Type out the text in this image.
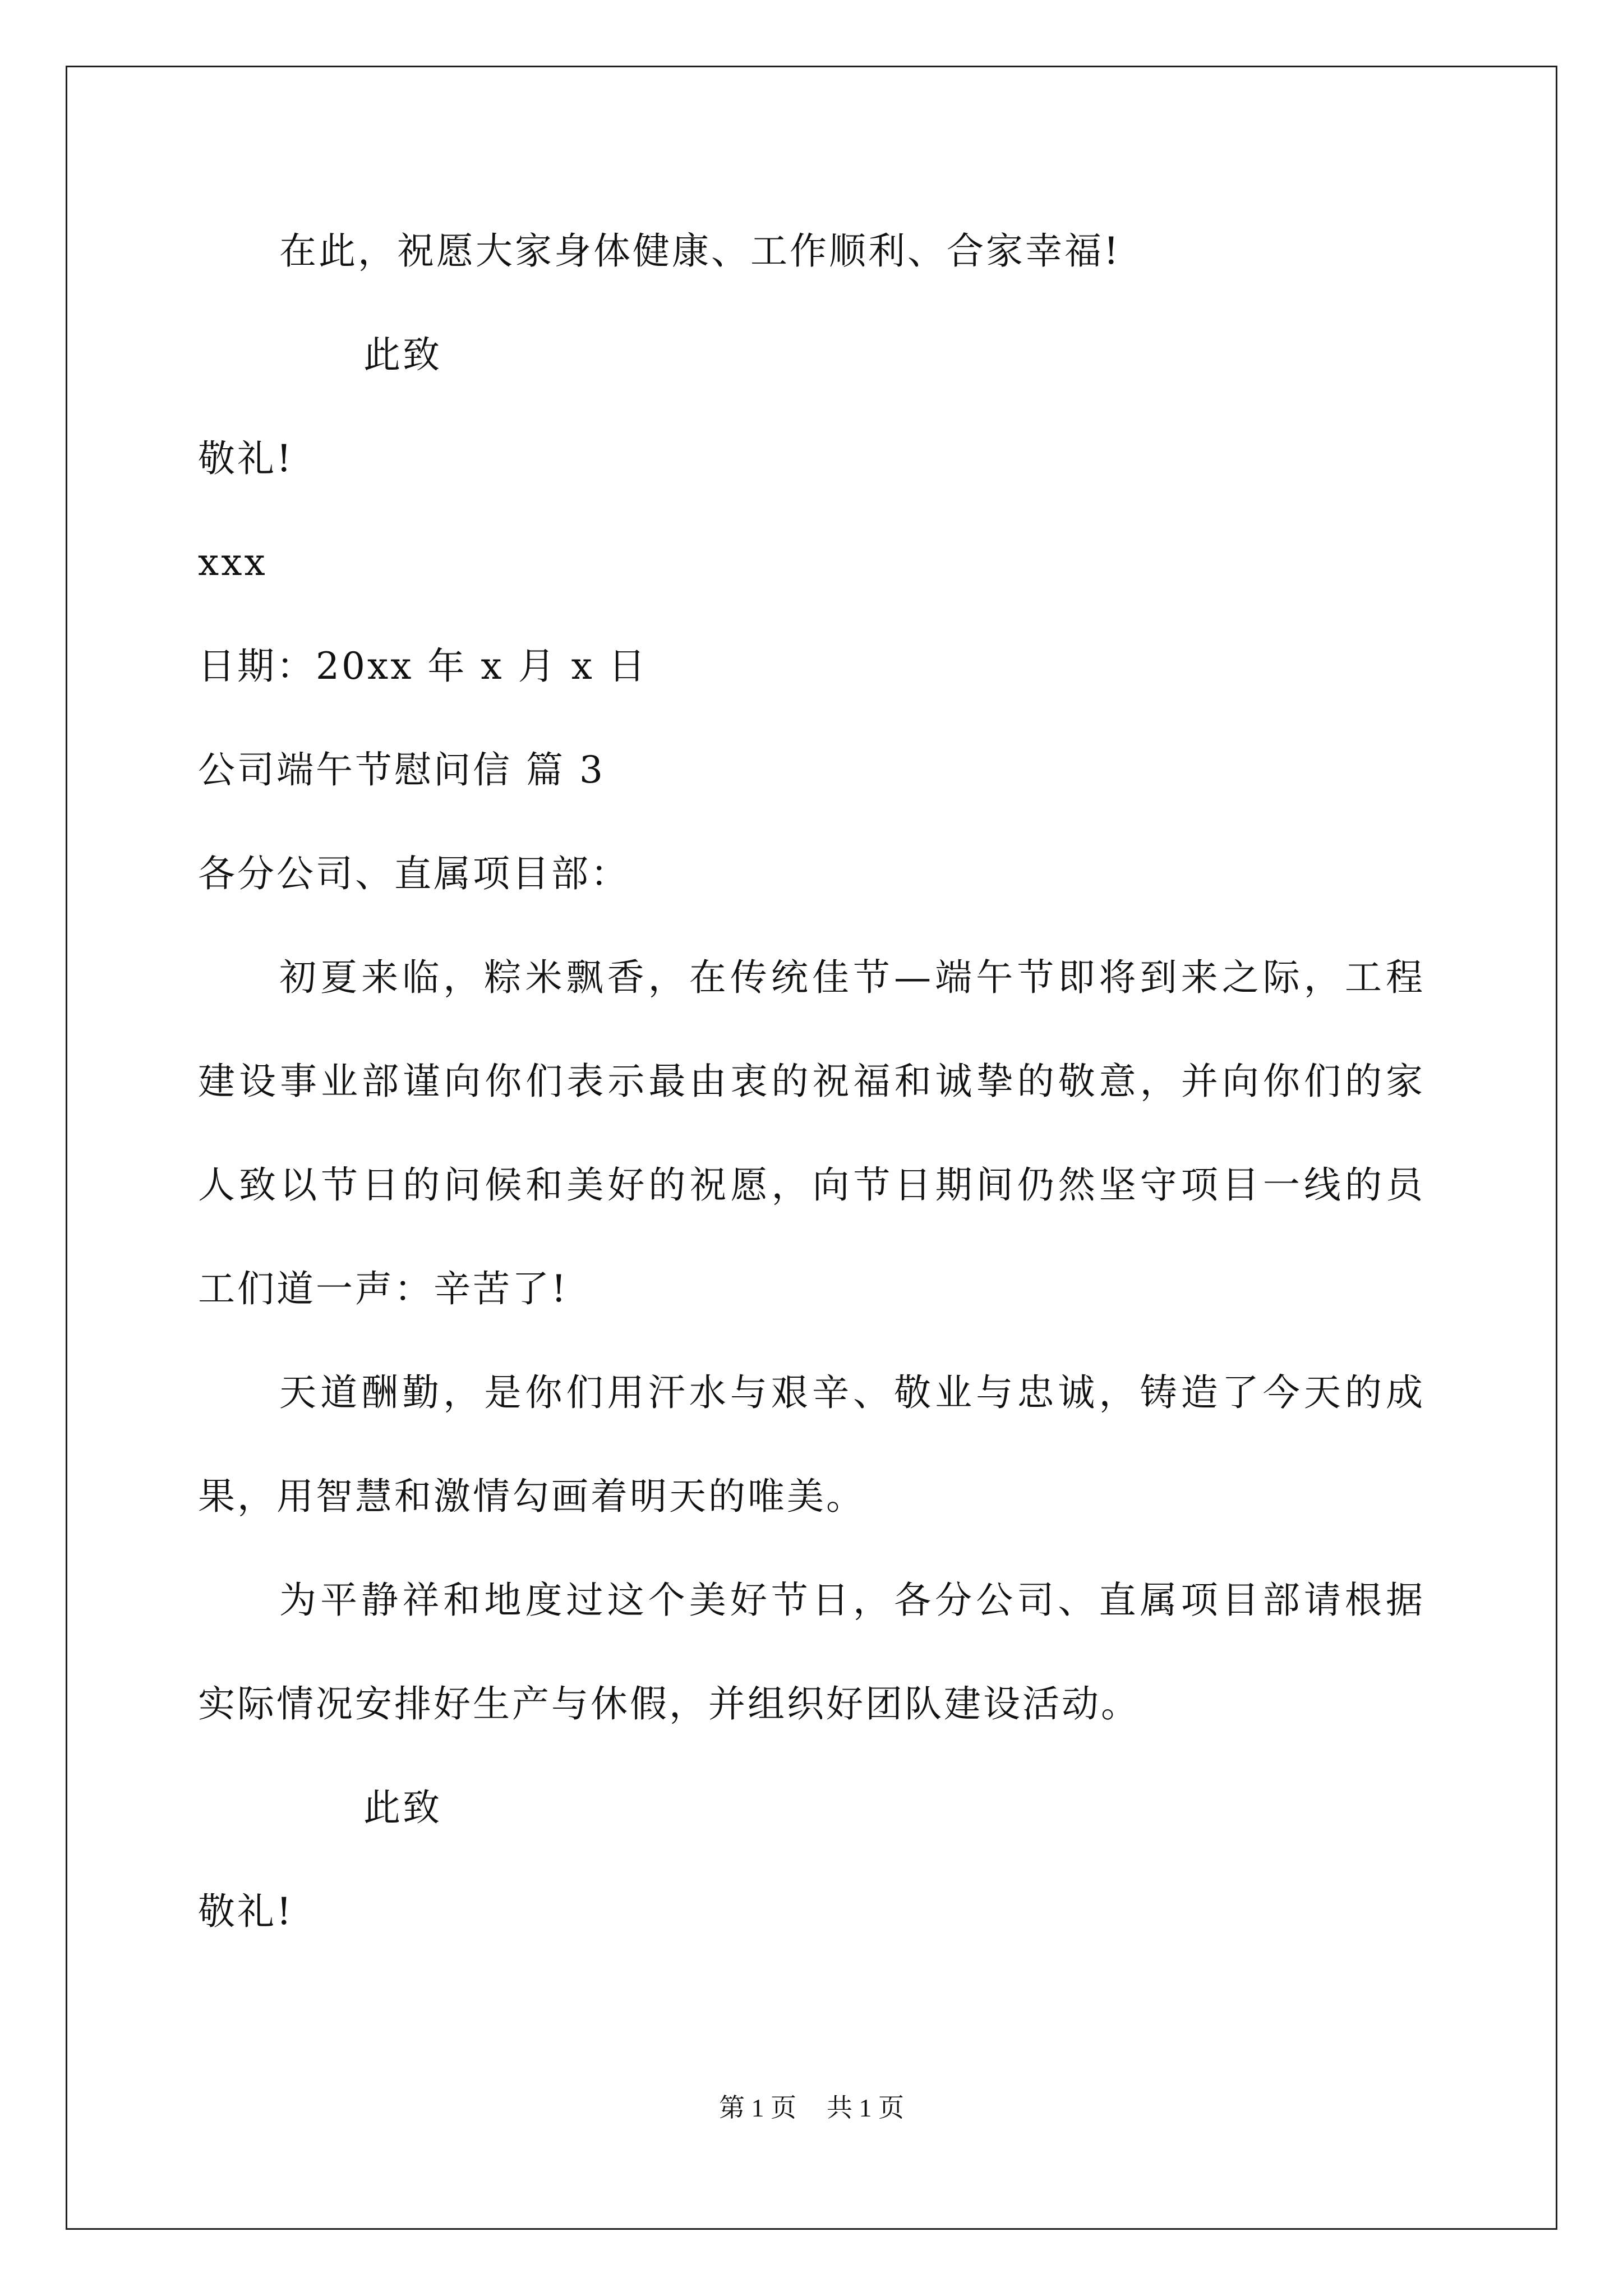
在此，祝愿大家身体健康、工作顺利、合家幸福!
此致
敬礼!
xxx
日期：20xx 年 x 月 x 日
公司端午节慰问信 篇 3
各分公司、直属项目部：
初夏来临，粽米飘香，在传统佳节—端午节即将到来之际，工程
建设事业部谨向你们表示最由衷的祝福和诚挚的敬意，并向你们的家
人致以节日的问候和美好的祝愿，向节日期间仍然坚守项目一线的员
工们道一声：辛苦了!
天道酬勤，是你们用汗水与艰辛、敬业与忠诚，铸造了今天的成
果，用智慧和激情勾画着明天的唯美。
为平静祥和地度过这个美好节日，各分公司、直属项目部请根据
实际情况安排好生产与休假，并组织好团队建设活动。
此致
敬礼!
第 1 页 共 1 页
